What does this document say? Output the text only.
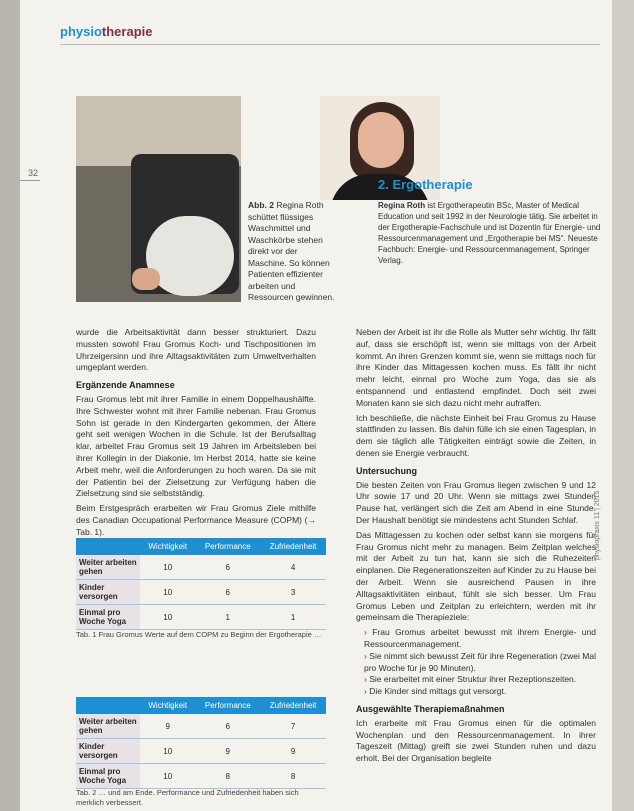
physiotherapie
32
Abb. 2 Regina Roth schüttet flüssiges Waschmittel und Waschkörbe stehen direkt vor der Maschine. So können Patienten effizienter arbeiten und Ressourcen gewinnen.
2. Ergotherapie
Regina Roth ist Ergotherapeutin BSc, Master of Medical Education und seit 1992 in der Neurologie tätig. Sie arbeitet in der Ergotherapie-Fachschule und ist Dozentin für Energie- und Ressourcenmanagement und „Ergotherapie bei MS“. Neueste Fachbuch: Energie- und Ressourcenmanagement, Springer Verlag.

wurde die Arbeitsaktivität dann besser strukturiert. Dazu mussten sowohl Frau Gromus Koch- und Tischpositionen im Uhrzeigersinn und ihre Alltagsaktivitäten zum Umweltverhalten umgeplant werden.

Ergänzende Anamnese

Frau Gromus lebt mit ihrer Familie in einem Doppelhaushälfte. Ihre Schwester wohnt mit ihrer Familie nebenan. Frau Gromus Sohn ist gerade in den Kindergarten gekommen, der Ältere geht seit wenigen Wochen in die Schule. Ist der Berufsalltag klar, arbeitet Frau Gromus seit 19 Jahren im Arbeitsleben bei ihrer Kollegin in der Diakonie. Im Herbst 2014, hatte sie keine Arbeit mehr, weil die Anforderungen zu hoch waren. Da sie mit der Patientin bei der Zielsetzung zur Verfügung haben die Zielsetzung sind sie selbstständig.

Beim Erstgespräch erarbeiten wir Frau Gromus Ziele mithilfe des Canadian Occupational Performance Measure (COPM) (→ Tab. 1).

	Wichtigkeit	Performance	Zufriedenheit
Weiter arbeiten gehen	10	6	4
Kinder versorgen	10	6	3
Einmal pro Woche Yoga	10	1	1
Tab. 1 Frau Gromus Werte auf dem COPM zu Beginn der Ergotherapie …
	Wichtigkeit	Performance	Zufriedenheit
Weiter arbeiten gehen	9	6	7
Kinder versorgen	10	9	9
Einmal pro Woche Yoga	10	8	8
Tab. 2 … und am Ende. Performance und Zufriedenheit haben sich merklich verbessert.

Neben der Arbeit ist ihr die Rolle als Mutter sehr wichtig. Ihr fällt auf, dass sie erschöpft ist, wenn sie mittags von der Arbeit kommt. An ihren Grenzen kommt sie, wenn sie mittags noch für ihre Kinder das Mittagessen kochen muss. Es fällt ihr nicht mehr leicht, einmal pro Woche zum Yoga, das sie als entspannend und entlastend empfindet. Doch seit zwei Monaten kann sie sich dazu nicht mehr aufraffen.

Ich beschließe, die nächste Einheit bei Frau Gromus zu Hause stattfinden zu lassen. Bis dahin fülle ich sie einen Tagesplan, in dem sie täglich alle Tätigkeiten einträgt sowie die Zeiten, in denen sie Energie verbraucht.

Untersuchung

Die besten Zeiten von Frau Gromus liegen zwischen 9 und 12 Uhr sowie 17 und 20 Uhr. Wenn sie mittags zwei Stunden Pause hat, verlängert sich die Zeit am Abend in eine Stunde. Der Haushalt benötigt sie mindestens acht Stunden Schlaf.

Das Mittagessen zu kochen oder selbst kann sie morgens für Frau Gromus nicht mehr zu managen. Beim Zeitplan welches mit der Arbeit zu tun hat, kann sie sich die Ruhezeiten einplanen. Die Regenerationszeiten auf Kinder zu zu Hause bei der Arbeit. Wenn sie ausreichend Pausen in ihre Alltagsaktivitäten einbaut, fühlt sie sich besser. Um Frau Gromus Leben und Zeitplan zu erleichtern, werden mit ihr gemeinsam die Therapieziele:

› Frau Gromus arbeitet bewusst mit ihrem Energie- und Ressourcenmanagement.
› Sie nimmt sich bewusst Zeit für ihre Regeneration (zwei Mal pro Woche für je 90 Minuten).
› Sie erarbeitet mit einer Struktur ihrer Rezeptionszeiten.
› Die Kinder sind mittags gut versorgt.
Ausgewählte Therapiemaßnahmen

Ich erarbeite mit Frau Gromus einen für die optimalen Wochenplan und den Ressourcenmanagement. In ihrer Tageszeit (Mittag) greift sie zwei Stunden ruhen und dazu erholt. Bei der Organisation begleite

physiopraxis 11 | 2015
